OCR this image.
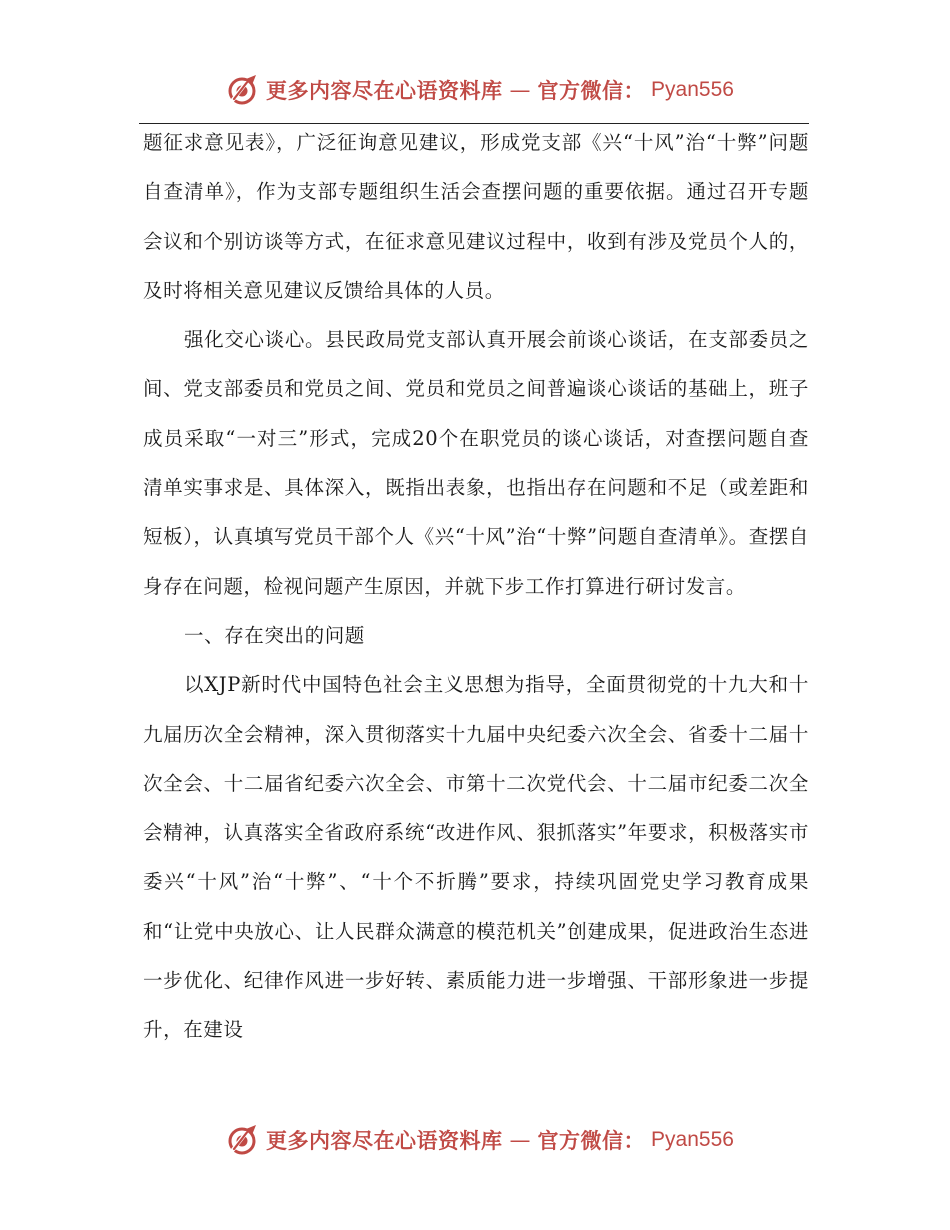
更多内容尽在心语资料库 — 官方微信： Pyan556

题征求意见表》，广泛征询意见建议，形成党支部《兴“十风”治“十弊”问题自查清单》，作为支部专题组织生活会查摆问题的重要依据。通过召开专题会议和个别访谈等方式，在征求意见建议过程中，收到有涉及党员个人的，及时将相关意见建议反馈给具体的人员。

强化交心谈心。县民政局党支部认真开展会前谈心谈话，在支部委员之间、党支部委员和党员之间、党员和党员之间普遍谈心谈话的基础上，班子成员采取“一对三”形式，完成20个在职党员的谈心谈话，对查摆问题自查清单实事求是、具体深入，既指出表象，也指出存在问题和不足（或差距和短板），认真填写党员干部个人《兴“十风”治“十弊”问题自查清单》。查摆自身存在问题，检视问题产生原因，并就下步工作打算进行研讨发言。

一、存在突出的问题

以XJP新时代中国特色社会主义思想为指导，全面贯彻党的十九大和十九届历次全会精神，深入贯彻落实十九届中央纪委六次全会、省委十二届十次全会、十二届省纪委六次全会、市第十二次党代会、十二届市纪委二次全会精神，认真落实全省政府系统“改进作风、狠抓落实”年要求，积极落实市委兴“十风”治“十弊”、“十个不折腾”要求，持续巩固党史学习教育成果和“让党中央放心、让人民群众满意的模范机关”创建成果，促进政治生态进一步优化、纪律作风进一步好转、素质能力进一步增强、干部形象进一步提升，在建设

更多内容尽在心语资料库 — 官方微信： Pyan556
